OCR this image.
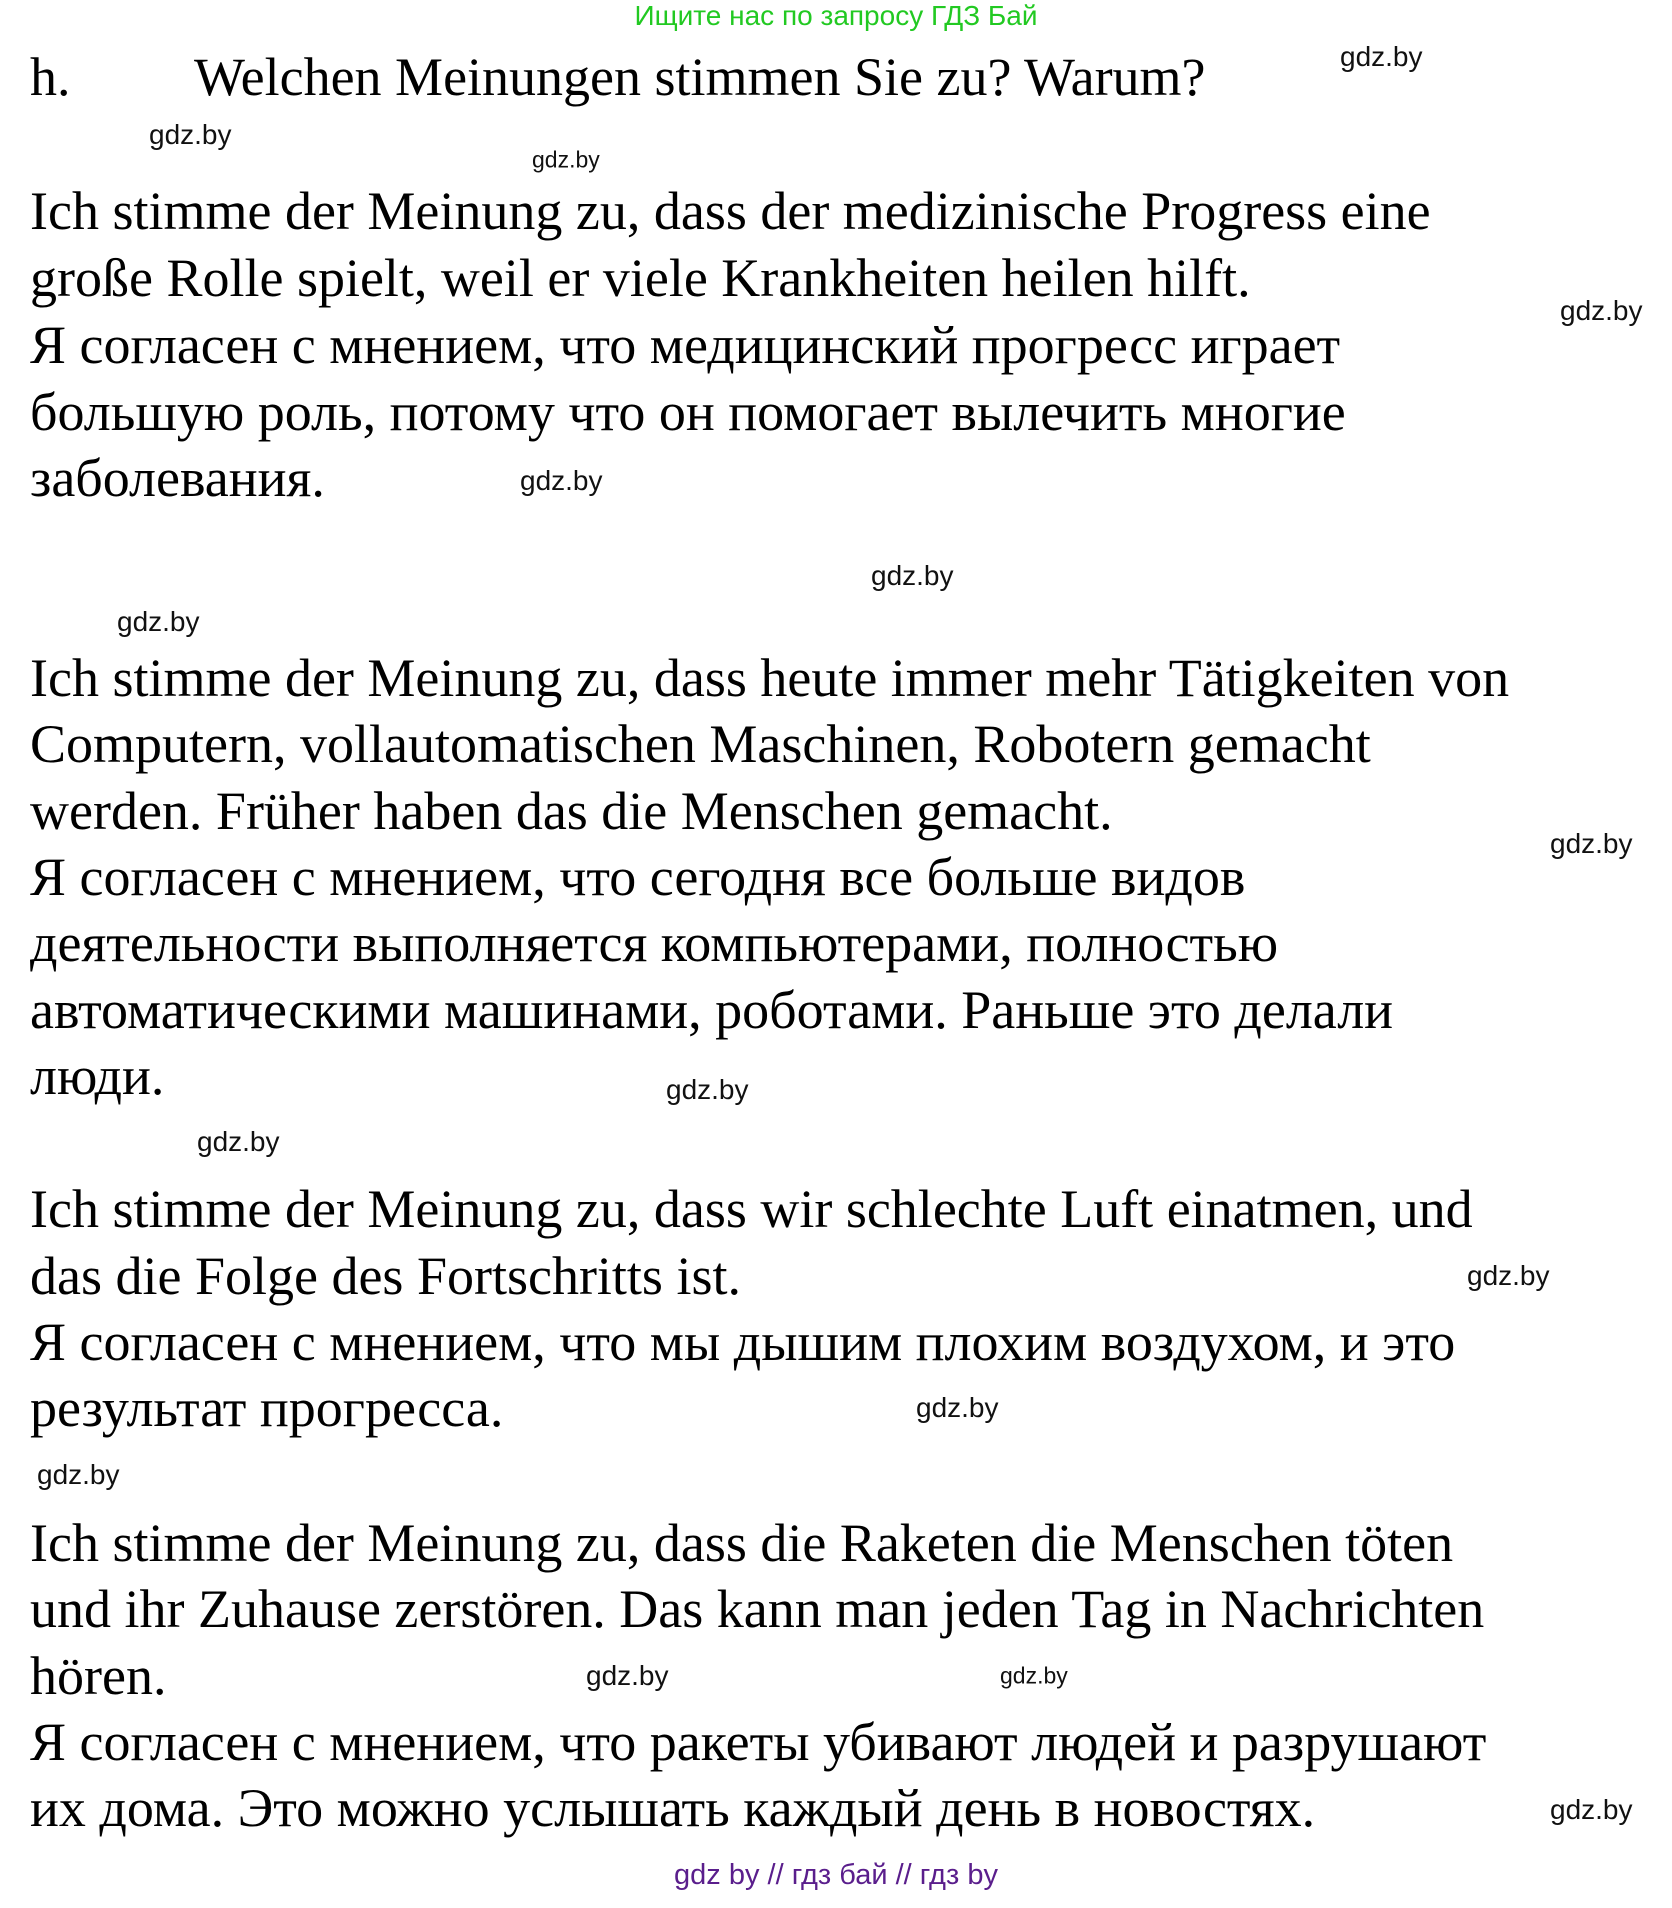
Ищите нас по запросу ГДЗ Бай
h. Welchen Meinungen stimmen Sie zu? Warum?
Ich stimme der Meinung zu, dass der medizinische Progress eine
große Rolle spielt, weil er viele Krankheiten heilen hilft.
Я согласен с мнением, что медицинский прогресс играет
большую роль, потому что он помогает вылечить многие
заболевания.
Ich stimme der Meinung zu, dass heute immer mehr Tätigkeiten von
Computern, vollautomatischen Maschinen, Robotern gemacht
werden. Früher haben das die Menschen gemacht.
Я согласен с мнением, что сегодня все больше видов
деятельности выполняется компьютерами, полностью
автоматическими машинами, роботами. Раньше это делали
люди.
Ich stimme der Meinung zu, dass wir schlechte Luft einatmen, und
das die Folge des Fortschritts ist.
Я согласен с мнением, что мы дышим плохим воздухом, и это
результат прогресса.
Ich stimme der Meinung zu, dass die Raketen die Menschen töten
und ihr Zuhause zerstören. Das kann man jeden Tag in Nachrichten
hören.
Я согласен с мнением, что ракеты убивают людей и разрушают
их дома. Это можно услышать каждый день в новостях.
gdz.by
gdz.by
gdz.by
gdz.by
gdz.by
gdz.by
gdz.by
gdz.by
gdz.by
gdz.by
gdz.by
gdz.by
gdz.by
gdz.by
gdz.by
gdz.by
gdz by // гдз бай // гдз by
